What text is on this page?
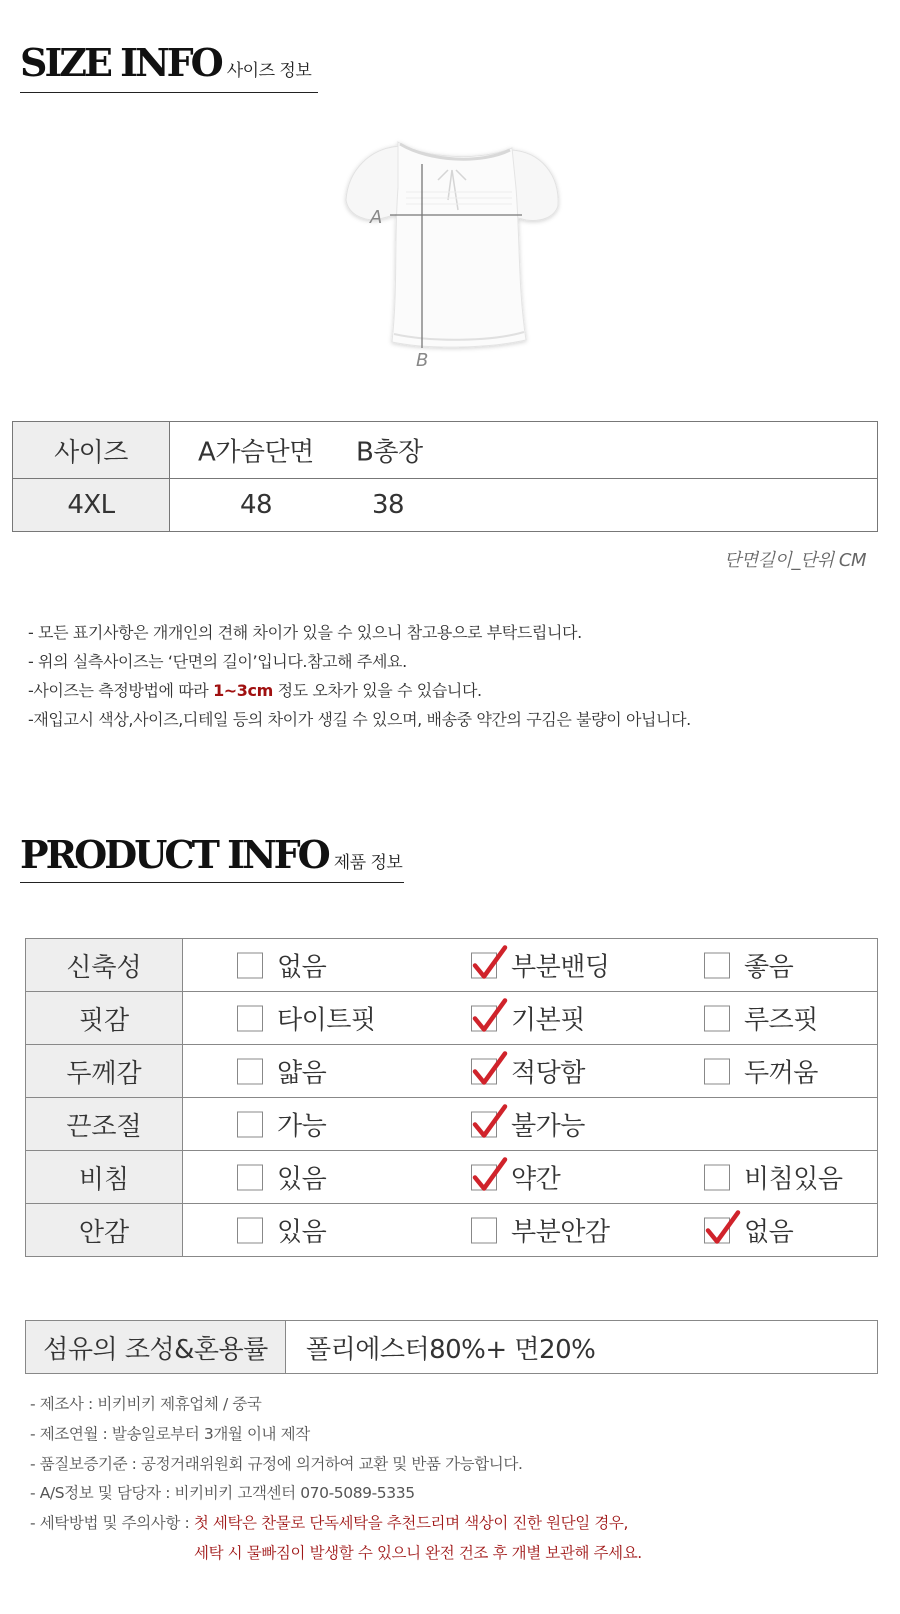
SIZE INFO 사이즈 정보
A
B
사이즈	A가슴단면 B총장

4XL	48 38
단면길이_단위 CM
- 모든 표기사항은 개개인의 견해 차이가 있을 수 있으니 참고용으로 부탁드립니다.
- 위의 실측사이즈는 ‘단면의 길이’입니다.참고해 주세요.
-사이즈는 측정방법에 따라 1~3cm 정도 오차가 있을 수 있습니다.
-재입고시 색상,사이즈,디테일 등의 차이가 생길 수 있으며, 배송중 약간의 구김은 불량이 아닙니다.
PRODUCT INFO 제품 정보
신축성	없음 부분밴딩 좋음

핏감	타이트핏 기본핏 루즈핏

두께감	얇음 적당함 두꺼움

끈조절	가능 불가능

비침	있음 약간 비침있음

안감	있음 부분안감 없음
섬유의 조성&혼용률	폴리에스터80%+ 면20%
- 제조사 : 비키비키 제휴업체 / 중국
- 제조연월 : 발송일로부터 3개월 이내 제작
- 품질보증기준 : 공정거래위원회 규정에 의거하여 교환 및 반품 가능합니다.
- A/S정보 및 담당자 : 비키비키 고객센터 070-5089-5335
- 세탁방법 및 주의사항 : 첫 세탁은 찬물로 단독세탁을 추천드리며 색상이 진한 원단일 경우,
세탁 시 물빠짐이 발생할 수 있으니 완전 건조 후 개별 보관해 주세요.
